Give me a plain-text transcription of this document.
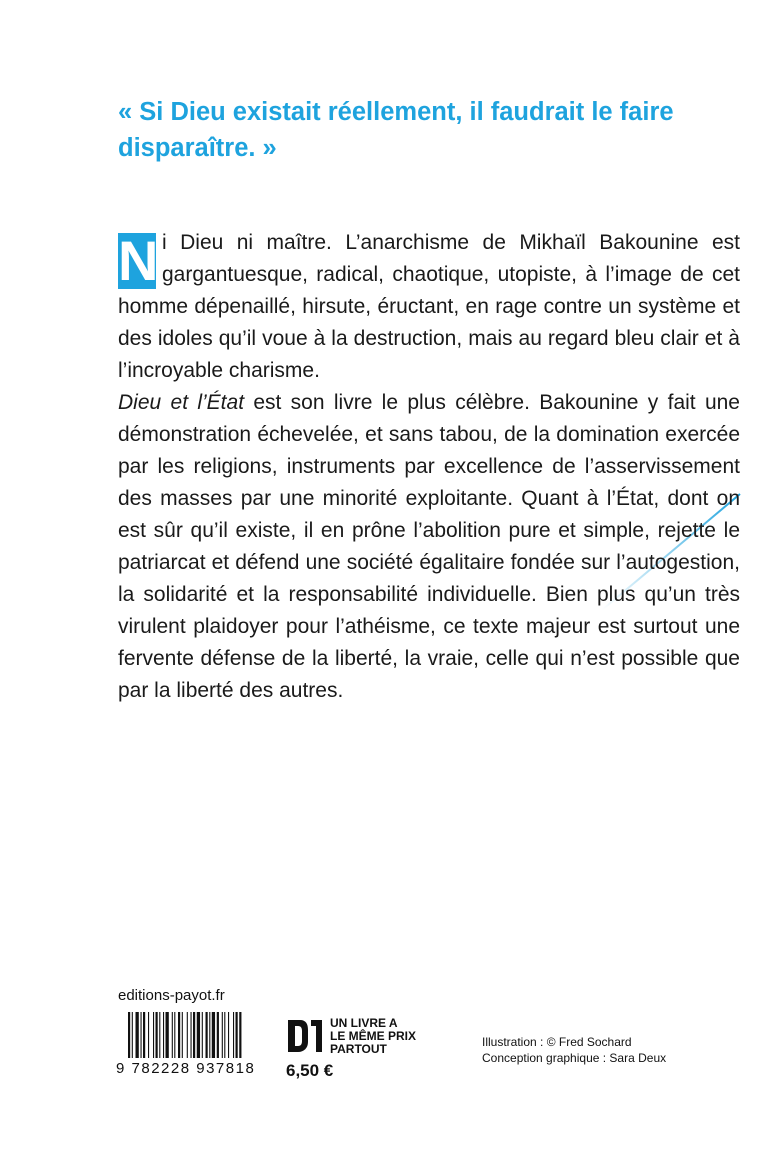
« Si Dieu existait réellement, il faudrait le faire disparaître. »

N i Dieu ni maître. L’anarchisme de Mikhaïl Bakounine est gargantuesque, radical, chaotique, utopiste, à l’image de cet homme dépenaillé, hirsute, éructant, en rage contre un système et des idoles qu’il voue à la destruction, mais au regard bleu clair et à l’incroyable charisme.
Dieu et l’État est son livre le plus célèbre. Bakounine y fait une démonstration échevelée, et sans tabou, de la domination exercée par les religions, instruments par excellence de l’asservissement des masses par une minorité exploitante. Quant à l’État, dont on est sûr qu’il existe, il en prône l’abolition pure et simple, rejette le patriarcat et défend une société égalitaire fondée sur l’autogestion, la solidarité et la responsabilité individuelle. Bien plus qu’un très virulent plaidoyer pour l’athéisme, ce texte majeur est surtout une fervente défense de la liberté, la vraie, celle qui n’est possible que par la liberté des autres.

editions-payot.fr
9 782228 937818
UN LIVRE A
LE MÊME PRIX
PARTOUT
6,50 €
Illustration : © Fred Sochard
Conception graphique : Sara Deux
